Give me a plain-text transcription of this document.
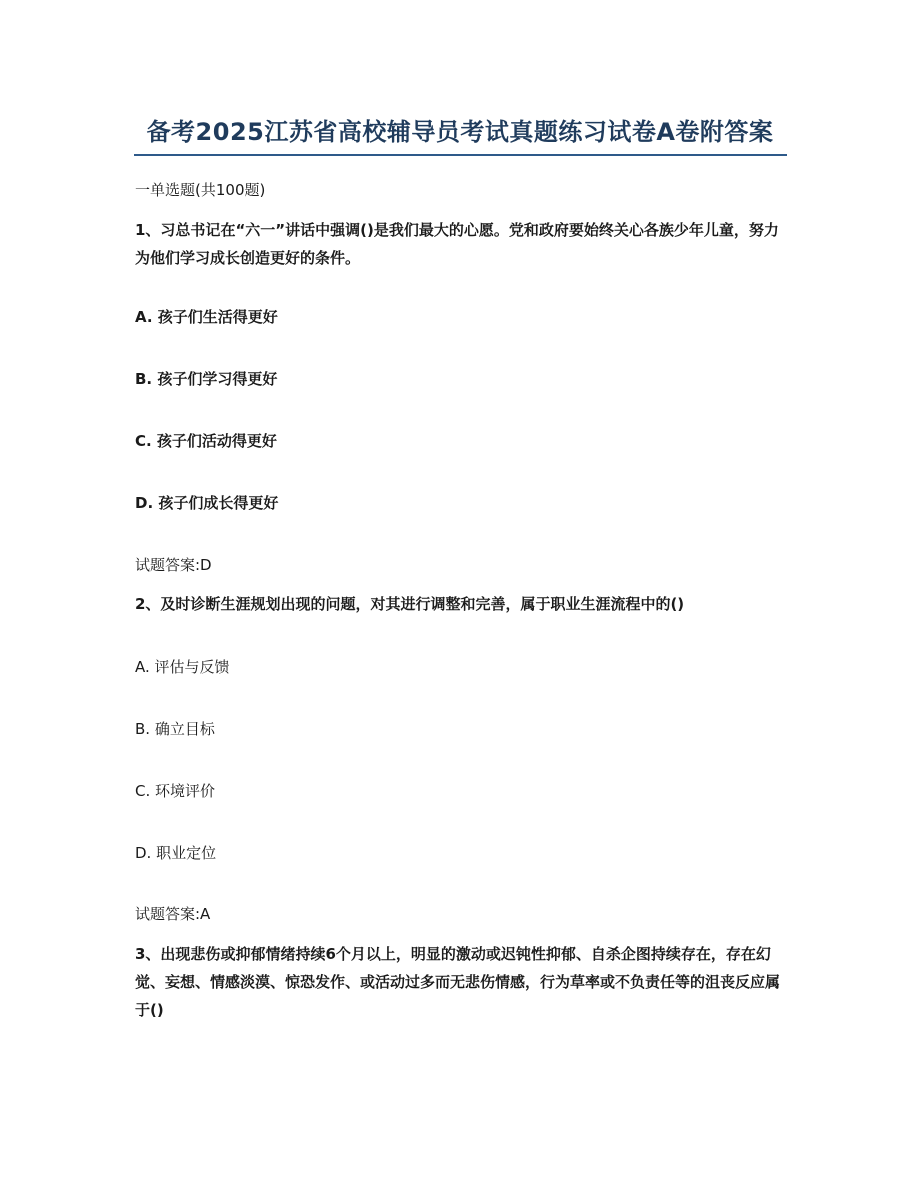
备考2025江苏省高校辅导员考试真题练习试卷A卷附答案
一单选题(共100题)
1、习总书记在“六一”讲话中强调()是我们最大的心愿。党和政府要始终关心各族少年儿童，努力为他们学习成长创造更好的条件。
A. 孩子们生活得更好
B. 孩子们学习得更好
C. 孩子们活动得更好
D. 孩子们成长得更好
试题答案:D
2、及时诊断生涯规划出现的问题，对其进行调整和完善，属于职业生涯流程中的()
A. 评估与反馈
B. 确立目标
C. 环境评价
D. 职业定位
试题答案:A
3、出现悲伤或抑郁情绪持续6个月以上，明显的激动或迟钝性抑郁、自杀企图持续存在，存在幻觉、妄想、情感淡漠、惊恐发作、或活动过多而无悲伤情感，行为草率或不负责任等的沮丧反应属于()
